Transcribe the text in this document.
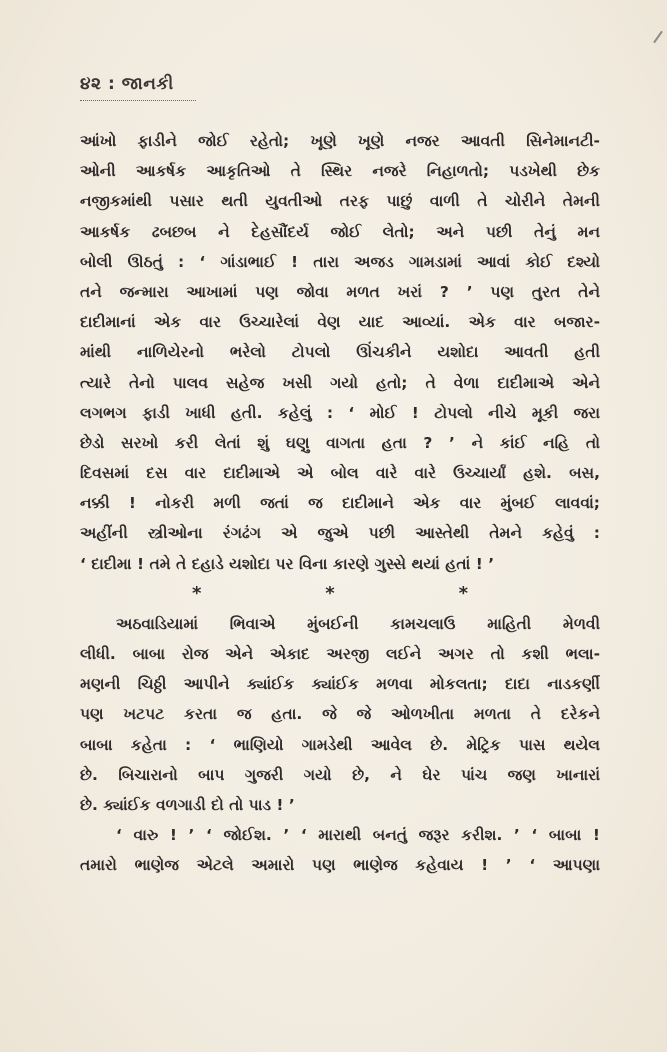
૪૨ : જાનકી
આંખો ફાડીને જોઈ રહેતો; ખૂણે ખૂણે નજર આવતી સિનેમાનટી-
ઓની આકર્ષક આકૃતિઓ તે સ્થિર નજરે નિહાળતો; પડખેથી છેક
નજીકમાંથી પસાર થતી યુવતીઓ તરફ પાછું વાળી તે ચોરીને તેમની
આકર્ષક ઢબછબ ને દેહસૌંદર્ય જોઈ લેતો; અને પછી તેનું મન
બોલી ઊઠતું : ‘ ગાંડાભાઈ ! તારા અજડ ગામડામાં આવાં કોઈ દશ્યો
તને જન્મારા આખામાં પણ જોવા મળત ખરાં ? ’ પણ તુરત તેને
દાદીમાનાં એક વાર ઉચ્ચારેલાં વેણ યાદ આવ્યાં. એક વાર બજાર-
માંથી નાળિયેરનો ભરેલો ટોપલો ઊંચકીને યશોદા આવતી હતી
ત્યારે તેનો પાલવ સહેજ ખસી ગયો હતો; તે વેળા દાદીમાએ એને
લગભગ ફાડી ખાધી હતી. કહેલું : ‘ મોઈ ! ટોપલો નીચે મૂકી જરા
છેડો સરખો કરી લેતાં શું ઘણુ વાગતા હતા ? ’ ને કાંઈ નહિ તો
દિવસમાં દસ વાર દાદીમાએ એ બોલ વારે વારે ઉચ્ચાર્યાં હશે. બસ,
નક્કી ! નોકરી મળી જતાં જ દાદીમાને એક વાર મુંબઈ લાવવાં;
અહીંની સ્ત્રીઓના રંગઢંગ એ જુએ પછી આસ્તેથી તેમને કહેવું :
‘ દાદીમા ! તમે તે દહાડે યશોદા પર વિના કારણે ગુસ્સે થયાં હતાં ! ’
*	*	*
અઠવાડિયામાં ભિવાએ મુંબઈની કામચલાઉ માહિતી મેળવી
લીધી. બાબા રોજ એને એકાદ અરજી લઈને અગર તો કશી ભલા-
મણની ચિઠ્ઠી આપીને ક્યાંઈક ક્યાંઈક મળવા મોકલતા; દાદા નાડકર્ણી
પણ ખટપટ કરતા જ હતા. જે જે ઓળખીતા મળતા તે દરેકને
બાબા કહેતા : ‘ ભાણિયો ગામડેથી આવેલ છે. મેટ્રિક પાસ થયેલ
છે. બિચારાનો બાપ ગુજરી ગયો છે, ને ઘેર પાંચ જણ ખાનારાં
છે. ક્યાંઈક વળગાડી દો તો પાડ ! ’
‘ વારુ ! ’ ‘ જોઈશ. ’ ‘ મારાથી બનતું જરૂર કરીશ. ’ ‘ બાબા !
તમારો ભાણેજ એટલે અમારો પણ ભાણેજ કહેવાય ! ’ ‘ આપણા
